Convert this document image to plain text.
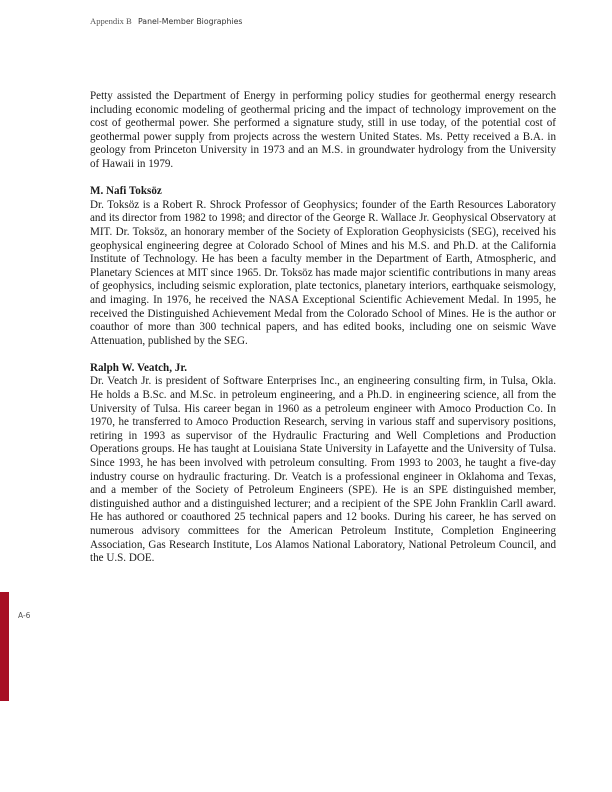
Appendix B Panel-Member Biographies

Petty assisted the Department of Energy in performing policy studies for geothermal energy research including economic modeling of geothermal pricing and the impact of technology improvement on the cost of geothermal power. She performed a signature study, still in use today, of the potential cost of geothermal power supply from projects across the western United States. Ms. Petty received a B.A. in geology from Princeton University in 1973 and an M.S. in groundwater hydrology from the University of Hawaii in 1979.

M. Nafi Toksöz

Dr. Toksöz is a Robert R. Shrock Professor of Geophysics; founder of the Earth Resources Laboratory and its director from 1982 to 1998; and director of the George R. Wallace Jr. Geophysical Observatory at MIT. Dr. Toksöz, an honorary member of the Society of Exploration Geophysicists (SEG), received his geophysical engineering degree at Colorado School of Mines and his M.S. and Ph.D. at the California Institute of Technology. He has been a faculty member in the Department of Earth, Atmospheric, and Planetary Sciences at MIT since 1965. Dr. Toksöz has made major scientific contributions in many areas of geophysics, including seismic exploration, plate tectonics, planetary interiors, earthquake seismology, and imaging. In 1976, he received the NASA Exceptional Scientific Achievement Medal. In 1995, he received the Distinguished Achievement Medal from the Colorado School of Mines. He is the author or coauthor of more than 300 technical papers, and has edited books, including one on seismic Wave Attenuation, published by the SEG.

Ralph W. Veatch, Jr.

Dr. Veatch Jr. is president of Software Enterprises Inc., an engineering consulting firm, in Tulsa, Okla. He holds a B.Sc. and M.Sc. in petroleum engineering, and a Ph.D. in engineering science, all from the University of Tulsa. His career began in 1960 as a petroleum engineer with Amoco Production Co. In 1970, he transferred to Amoco Production Research, serving in various staff and supervisory positions, retiring in 1993 as supervisor of the Hydraulic Fracturing and Well Completions and Production Operations groups. He has taught at Louisiana State University in Lafayette and the University of Tulsa. Since 1993, he has been involved with petroleum consulting. From 1993 to 2003, he taught a five-day industry course on hydraulic fracturing. Dr. Veatch is a professional engineer in Oklahoma and Texas, and a member of the Society of Petroleum Engineers (SPE). He is an SPE distinguished member, distinguished author and a distinguished lecturer; and a recipient of the SPE John Franklin Carll award. He has authored or coauthored 25 technical papers and 12 books. During his career, he has served on numerous advisory committees for the American Petroleum Institute, Completion Engineering Association, Gas Research Institute, Los Alamos National Laboratory, National Petroleum Council, and the U.S. DOE.

A-6
